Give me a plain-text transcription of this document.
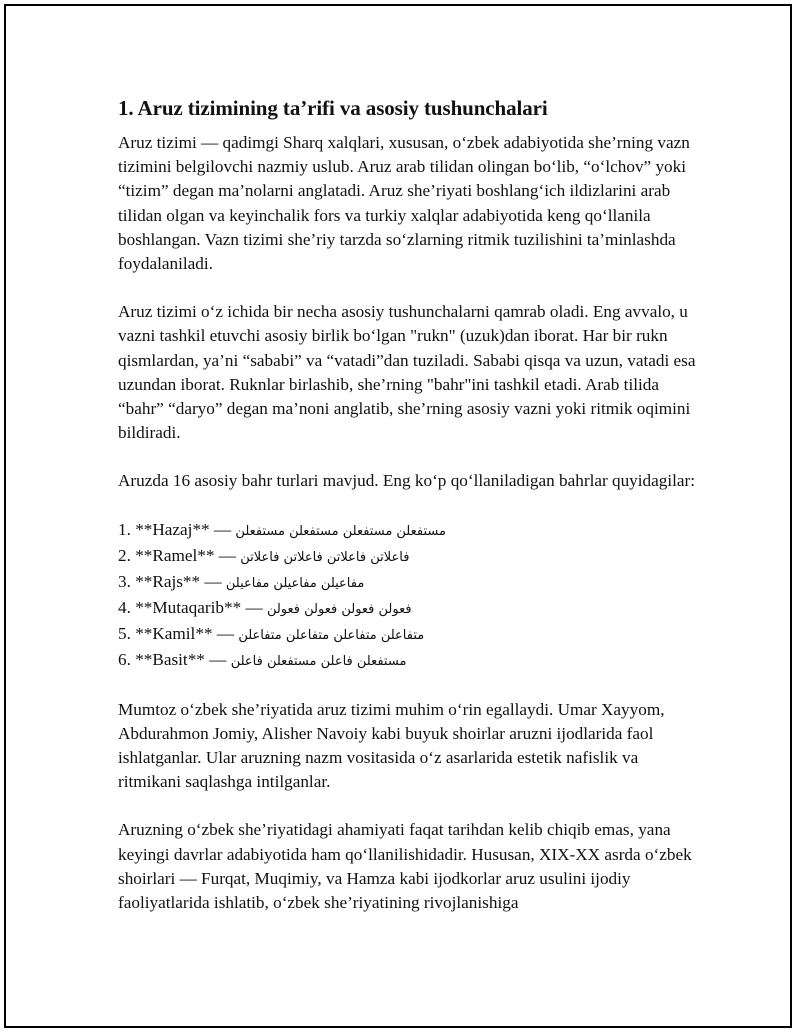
1. Aruz tizimining ta’rifi va asosiy tushunchalari

Aruz tizimi — qadimgi Sharq xalqlari, xususan, o‘zbek adabiyotida she’rning vazn tizimini belgilovchi nazmiy uslub. Aruz arab tilidan olingan bo‘lib, “o‘lchov” yoki “tizim” degan ma’nolarni anglatadi. Aruz she’riyati boshlang‘ich ildizlarini arab tilidan olgan va keyinchalik fors va turkiy xalqlar adabiyotida keng qo‘llanila boshlangan. Vazn tizimi she’riy tarzda so‘zlarning ritmik tuzilishini ta’minlashda foydalaniladi.

Aruz tizimi o‘z ichida bir necha asosiy tushunchalarni qamrab oladi. Eng avvalo, u vazni tashkil etuvchi asosiy birlik bo‘lgan "rukn" (uzuk)dan iborat. Har bir rukn qismlardan, ya’ni “sababi” va “vatadi”dan tuziladi. Sababi qisqa va uzun, vatadi esa uzundan iborat. Ruknlar birlashib, she’rning "bahr"ini tashkil etadi. Arab tilida “bahr” “daryo” degan ma’noni anglatib, she’rning asosiy vazni yoki ritmik oqimini bildiradi.

Aruzda 16 asosiy bahr turlari mavjud. Eng ko‘p qo‘llaniladigan bahrlar quyidagilar:

1. **Hazaj** — مستفعلن مستفعلن مستفعلن مستفعلن
2. **Ramel** — فاعلاتن فاعلاتن فاعلاتن فاعلاتن
3. **Rajs** — مفاعيلن مفاعيلن مفاعيلن
4. **Mutaqarib** — فعولن فعولن فعولن فعولن
5. **Kamil** — متفاعلن متفاعلن متفاعلن متفاعلن
6. **Basit** — مستفعلن فاعلن مستفعلن فاعلن

Mumtoz o‘zbek she’riyatida aruz tizimi muhim o‘rin egallaydi. Umar Xayyom, Abdurahmon Jomiy, Alisher Navoiy kabi buyuk shoirlar aruzni ijodlarida faol ishlatganlar. Ular aruzning nazm vositasida o‘z asarlarida estetik nafislik va ritmikani saqlashga intilganlar.

Aruzning o‘zbek she’riyatidagi ahamiyati faqat tarihdan kelib chiqib emas, yana keyingi davrlar adabiyotida ham qo‘llanilishidadir. Hususan, XIX-XX asrda o‘zbek shoirlari — Furqat, Muqimiy, va Hamza kabi ijodkorlar aruz usulini ijodiy faoliyatlarida ishlatib, o‘zbek she’riyatining rivojlanishiga
